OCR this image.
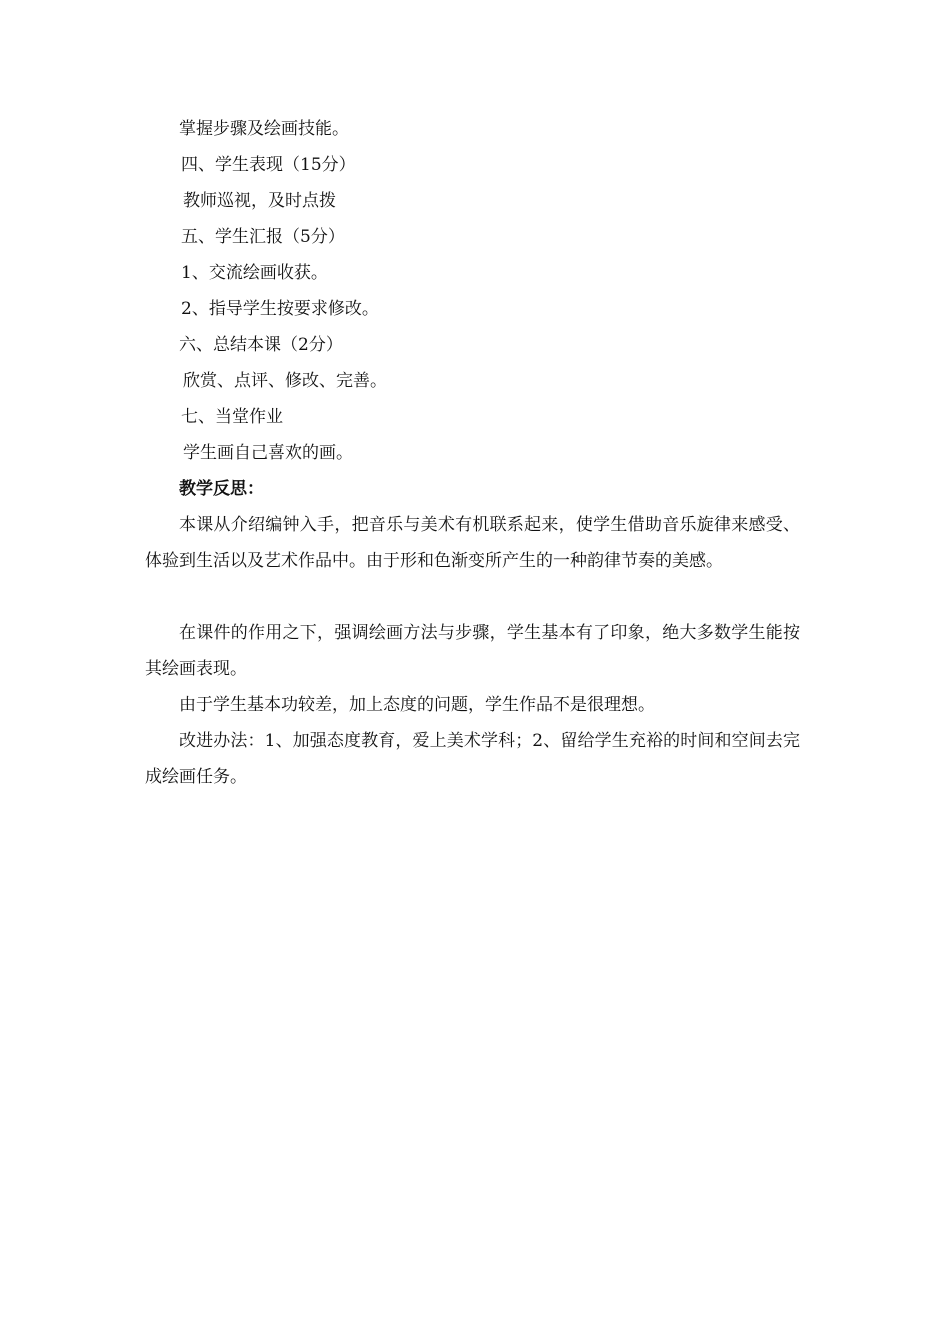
掌握步骤及绘画技能。
四、学生表现（15分）
教师巡视，及时点拨
五、学生汇报（5分）
1、交流绘画收获。
2、指导学生按要求修改。
六、总结本课（2分）
欣赏、点评、修改、完善。
七、当堂作业
学生画自己喜欢的画。
教学反思：

本课从介绍编钟入手，把音乐与美术有机联系起来，使学生借助音乐旋律来感受、体验到生活以及艺术作品中。由于形和色渐变所产生的一种韵律节奏的美感。

在课件的作用之下，强调绘画方法与步骤，学生基本有了印象，绝大多数学生能按其绘画表现。

由于学生基本功较差，加上态度的问题，学生作品不是很理想。

改进办法：1、加强态度教育，爱上美术学科；2、留给学生充裕的时间和空间去完成绘画任务。
